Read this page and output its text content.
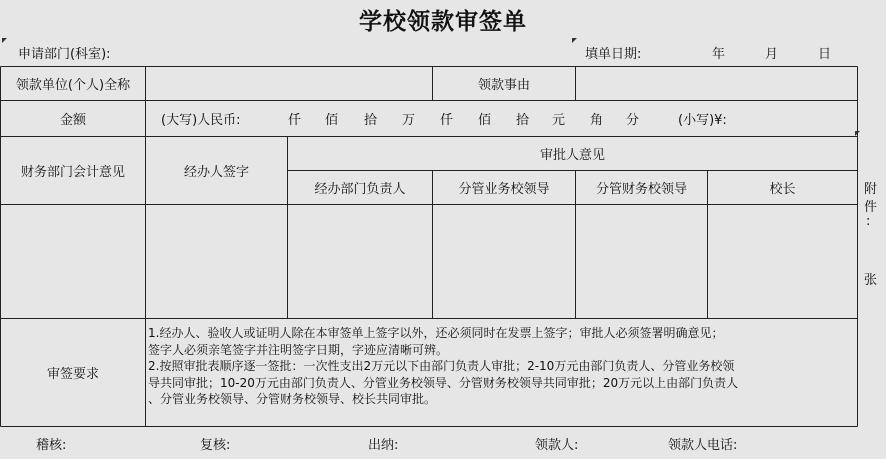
学校领款审签单
申请部门(科室):	填单日期:	年	月	日
领款单位(个人)全称	领款事由
金额	(大写)人民币:	仟 佰 拾 万 仟 佰 拾 元 角 分	(小写)¥:
财务部门会计意见	经办人签字
审批人意见
经办部门负责人	分管业务校领导	分管财务校领导	校长
审签要求
1.经办人、验收人或证明人除在本审签单上签字以外，还必须同时在发票上签字；审批人必须签署明确意见；
签字人必须亲笔签字并注明签字日期，字迹应清晰可辨。
2.按照审批表顺序逐一签批：一次性支出2万元以下由部门负责人审批；2-10万元由部门负责人、分管业务校领
导共同审批；10-20万元由部门负责人、分管业务校领导、分管财务校领导共同审批；20万元以上由部门负责人
、分管业务校领导、分管财务校领导、校长共同审批。
附
件
:
张
稽核:	复核:	出纳:	领款人:	领款人电话:
